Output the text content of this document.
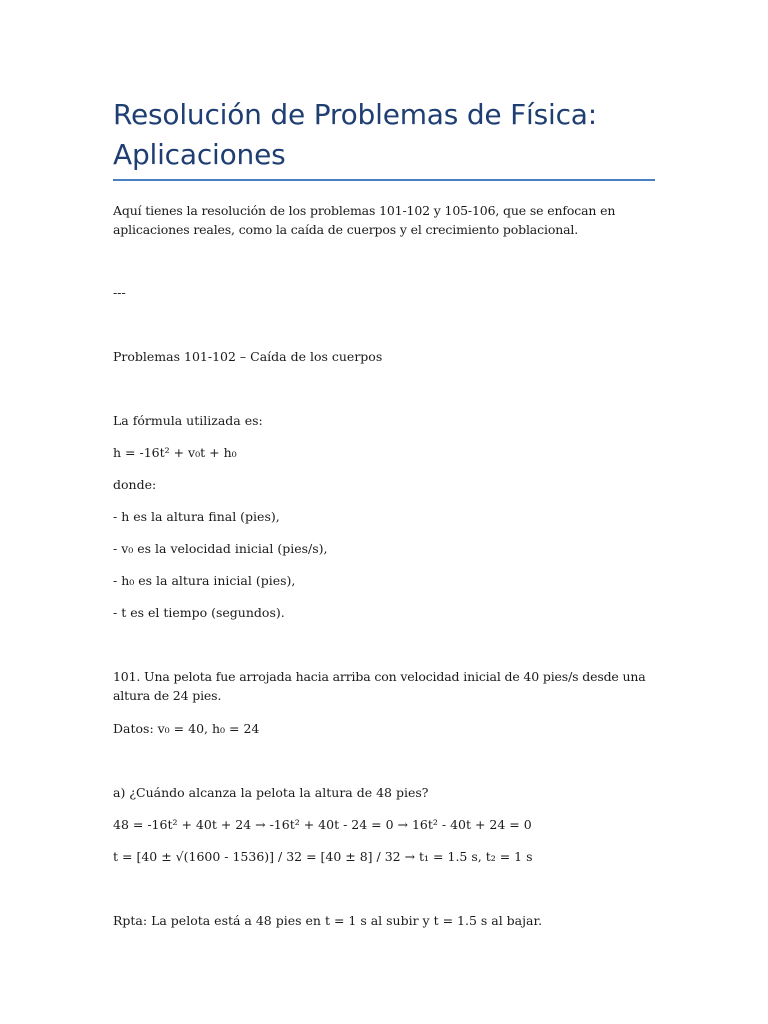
Resolución de Problemas de Física: Aplicaciones

Aquí tienes la resolución de los problemas 101-102 y 105-106, que se enfocan en aplicaciones reales, como la caída de cuerpos y el crecimiento poblacional.

---

Problemas 101-102 – Caída de los cuerpos

La fórmula utilizada es:

h = -16t² + v₀t + h₀

donde:

- h es la altura final (pies),

- v₀ es la velocidad inicial (pies/s),

- h₀ es la altura inicial (pies),

- t es el tiempo (segundos).

101. Una pelota fue arrojada hacia arriba con velocidad inicial de 40 pies/s desde una altura de 24 pies.

Datos: v₀ = 40, h₀ = 24

a) ¿Cuándo alcanza la pelota la altura de 48 pies?

48 = -16t² + 40t + 24 → -16t² + 40t - 24 = 0 → 16t² - 40t + 24 = 0

t = [40 ± √(1600 - 1536)] / 32 = [40 ± 8] / 32 → t₁ = 1.5 s, t₂ = 1 s

Rpta: La pelota está a 48 pies en t = 1 s al subir y t = 1.5 s al bajar.
